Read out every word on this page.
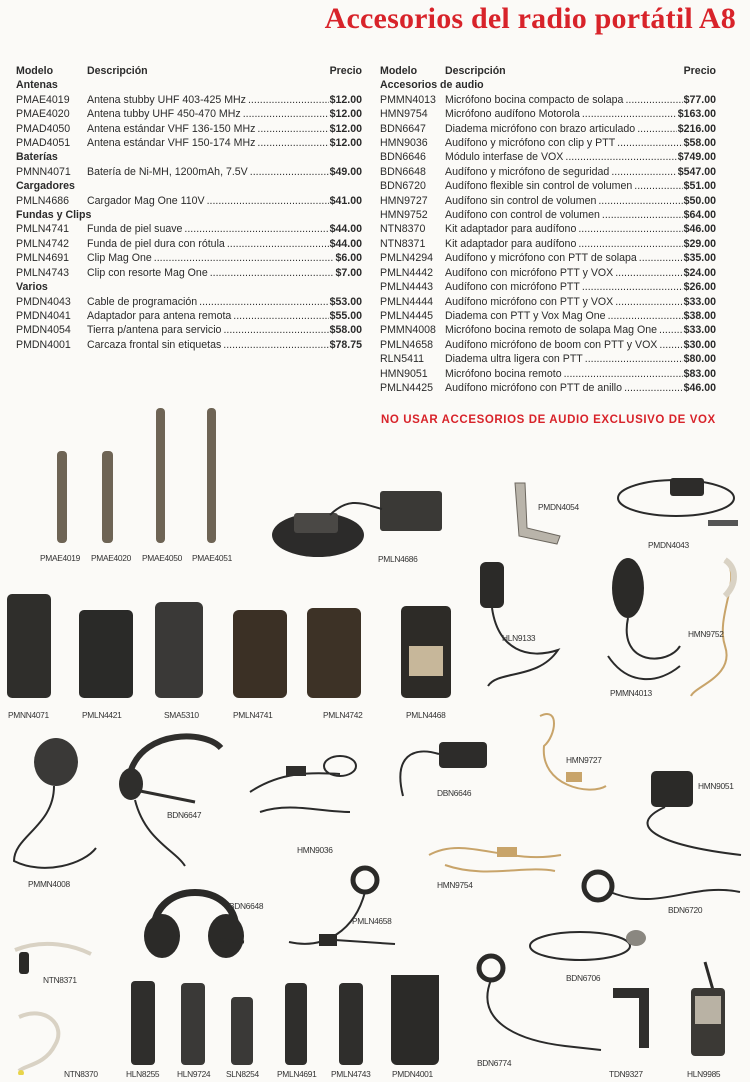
Accesorios del radio portátil A8
Modelo	Descripción	Precio
Antenas
PMAE4019	Antena stubby UHF 403-425 MHz .....	$12.00
PMAE4020	Antena tubby UHF 450-470 MHz .....	$12.00
PMAD4050	Antena estándar VHF 136-150 MHz .....	$12.00
PMAD4051	Antena estándar VHF 150-174 MHz .....	$12.00
Baterías
PMNN4071	Batería de Ni-MH, 1200mAh, 7.5V .....	$49.00
Cargadores
PMLN4686	Cargador Mag One 110V .....	$41.00
Fundas y Clips
PMLN4741	Funda de piel suave .....	$44.00
PMLN4742	Funda de piel dura con rótula .....	$44.00
PMLN4691	Clip Mag One .....	$6.00
PMLN4743	Clip con resorte Mag One .....	$7.00
Varios
PMDN4043	Cable de programación .....	$53.00
PMDN4041	Adaptador para antena remota .....	$55.00
PMDN4054	Tierra p/antena para servicio .....	$58.00
PMDN4001	Carcaza frontal sin etiquetas .....	$78.75
Modelo	Descripción	Precio
Accesorios de audio
PMMN4013 Micrófono bocina compacto de solapa .....	$77.00
HMN9754	Micrófono audífono Motorola .....	$163.00
BDN6647	Diadema micrófono con brazo articulado .....	$216.00
HMN9036	Audífono y micrófono con clip y PTT .....	$58.00
BDN6646	Módulo interfase de VOX .....	$749.00
BDN6648	Audífono y micrófono de seguridad .....	$547.00
BDN6720	Audífono flexible sin control de volumen .....	$51.00
HMN9727	Audífono sin control de volumen .....	$50.00
HMN9752	Audífono con control de volumen .....	$64.00
NTN8370	Kit adaptador para audífono .....	$46.00
NTN8371	Kit adaptador para audífono .....	$29.00
PMLN4294	Audífono y micrófono con PTT de solapa .....	$35.00
PMLN4442	Audífono con micrófono PTT y VOX .....	$24.00
PMLN4443	Audífono con micrófono PTT .....	$26.00
PMLN4444	Audífono micrófono con PTT y VOX .....	$33.00
PMLN4445	Diadema con PTT y Vox Mag One .....	$38.00
PMMN4008 Micrófono bocina remoto de solapa Mag One .....	$33.00
PMLN4658	Audífono micrófono de boom con PTT y VOX .....	$30.00
RLN5411	Diadema ultra ligera con PTT .....	$80.00
HMN9051	Micrófono bocina remoto .....	$83.00
PMLN4425	Audífono micrófono con PTT de anillo .....	$46.00
NO USAR ACCESORIOS DE AUDIO EXCLUSIVO DE VOX
PMAE4019 PMAE4020 PMAE4050 PMAE4051	PMLN4686
PMDN4054
PMDN4043
PMNN4071	PMLN4421	SMA5310	PMLN4741	PMLN4742	PMLN4468
HLN9133
PMMN4013
HMN9752
PMMN4008
BDN6647
HMN9036
DBN6646
HMN9727
HMN9051
HMN9754
BDN6720
BDN6648
PMLN4658
NTN8371	BDN6706
NTN8370	HLN8255 HLN9724 SLN8254 PMLN4691 PMLN4743	PMDN4001
BDN6774
TDN9327	HLN9985
